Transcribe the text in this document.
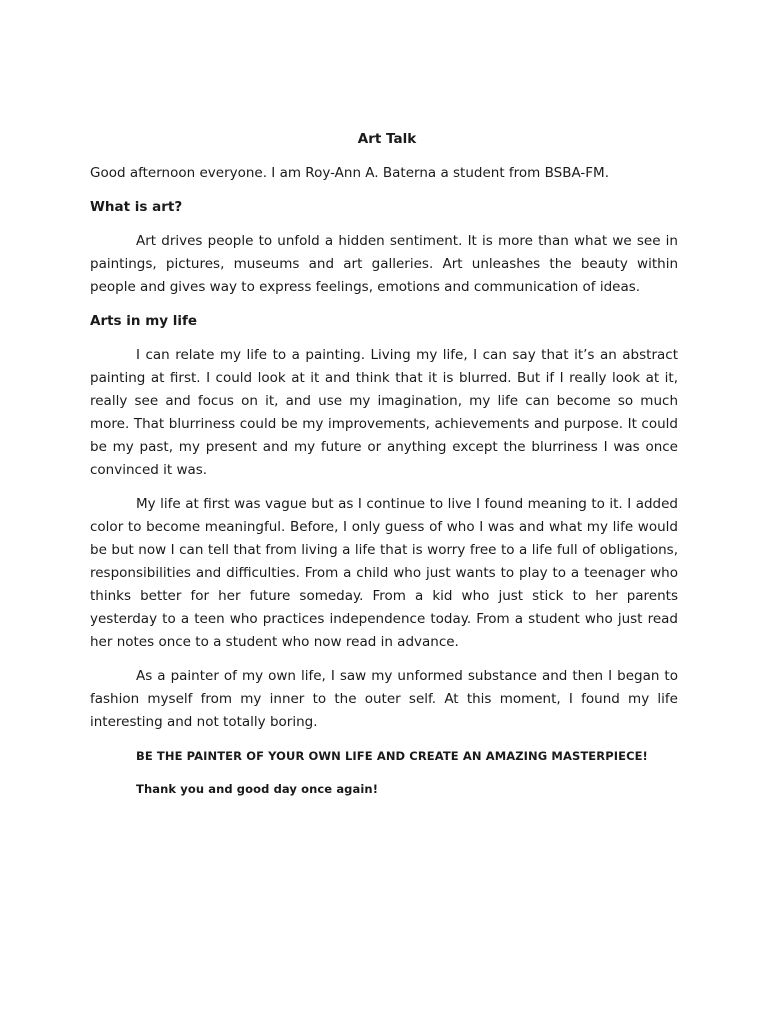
Art Talk

Good afternoon everyone. I am Roy-Ann A. Baterna a student from BSBA-FM.

What is art?

Art drives people to unfold a hidden sentiment. It is more than what we see in paintings, pictures, museums and art galleries. Art unleashes the beauty within people and gives way to express feelings, emotions and communication of ideas.

Arts in my life

I can relate my life to a painting. Living my life, I can say that it’s an abstract painting at first. I could look at it and think that it is blurred. But if I really look at it, really see and focus on it, and use my imagination, my life can become so much more. That blurriness could be my improvements, achievements and purpose. It could be my past, my present and my future or anything except the blurriness I was once convinced it was.

My life at first was vague but as I continue to live I found meaning to it. I added color to become meaningful. Before, I only guess of who I was and what my life would be but now I can tell that from living a life that is worry free to a life full of obligations, responsibilities and difficulties. From a child who just wants to play to a teenager who thinks better for her future someday. From a kid who just stick to her parents yesterday to a teen who practices independence today. From a student who just read her notes once to a student who now read in advance.

As a painter of my own life, I saw my unformed substance and then I began to fashion myself from my inner to the outer self. At this moment, I found my life interesting and not totally boring.

BE THE PAINTER OF YOUR OWN LIFE AND CREATE AN AMAZING MASTERPIECE!

Thank you and good day once again!
